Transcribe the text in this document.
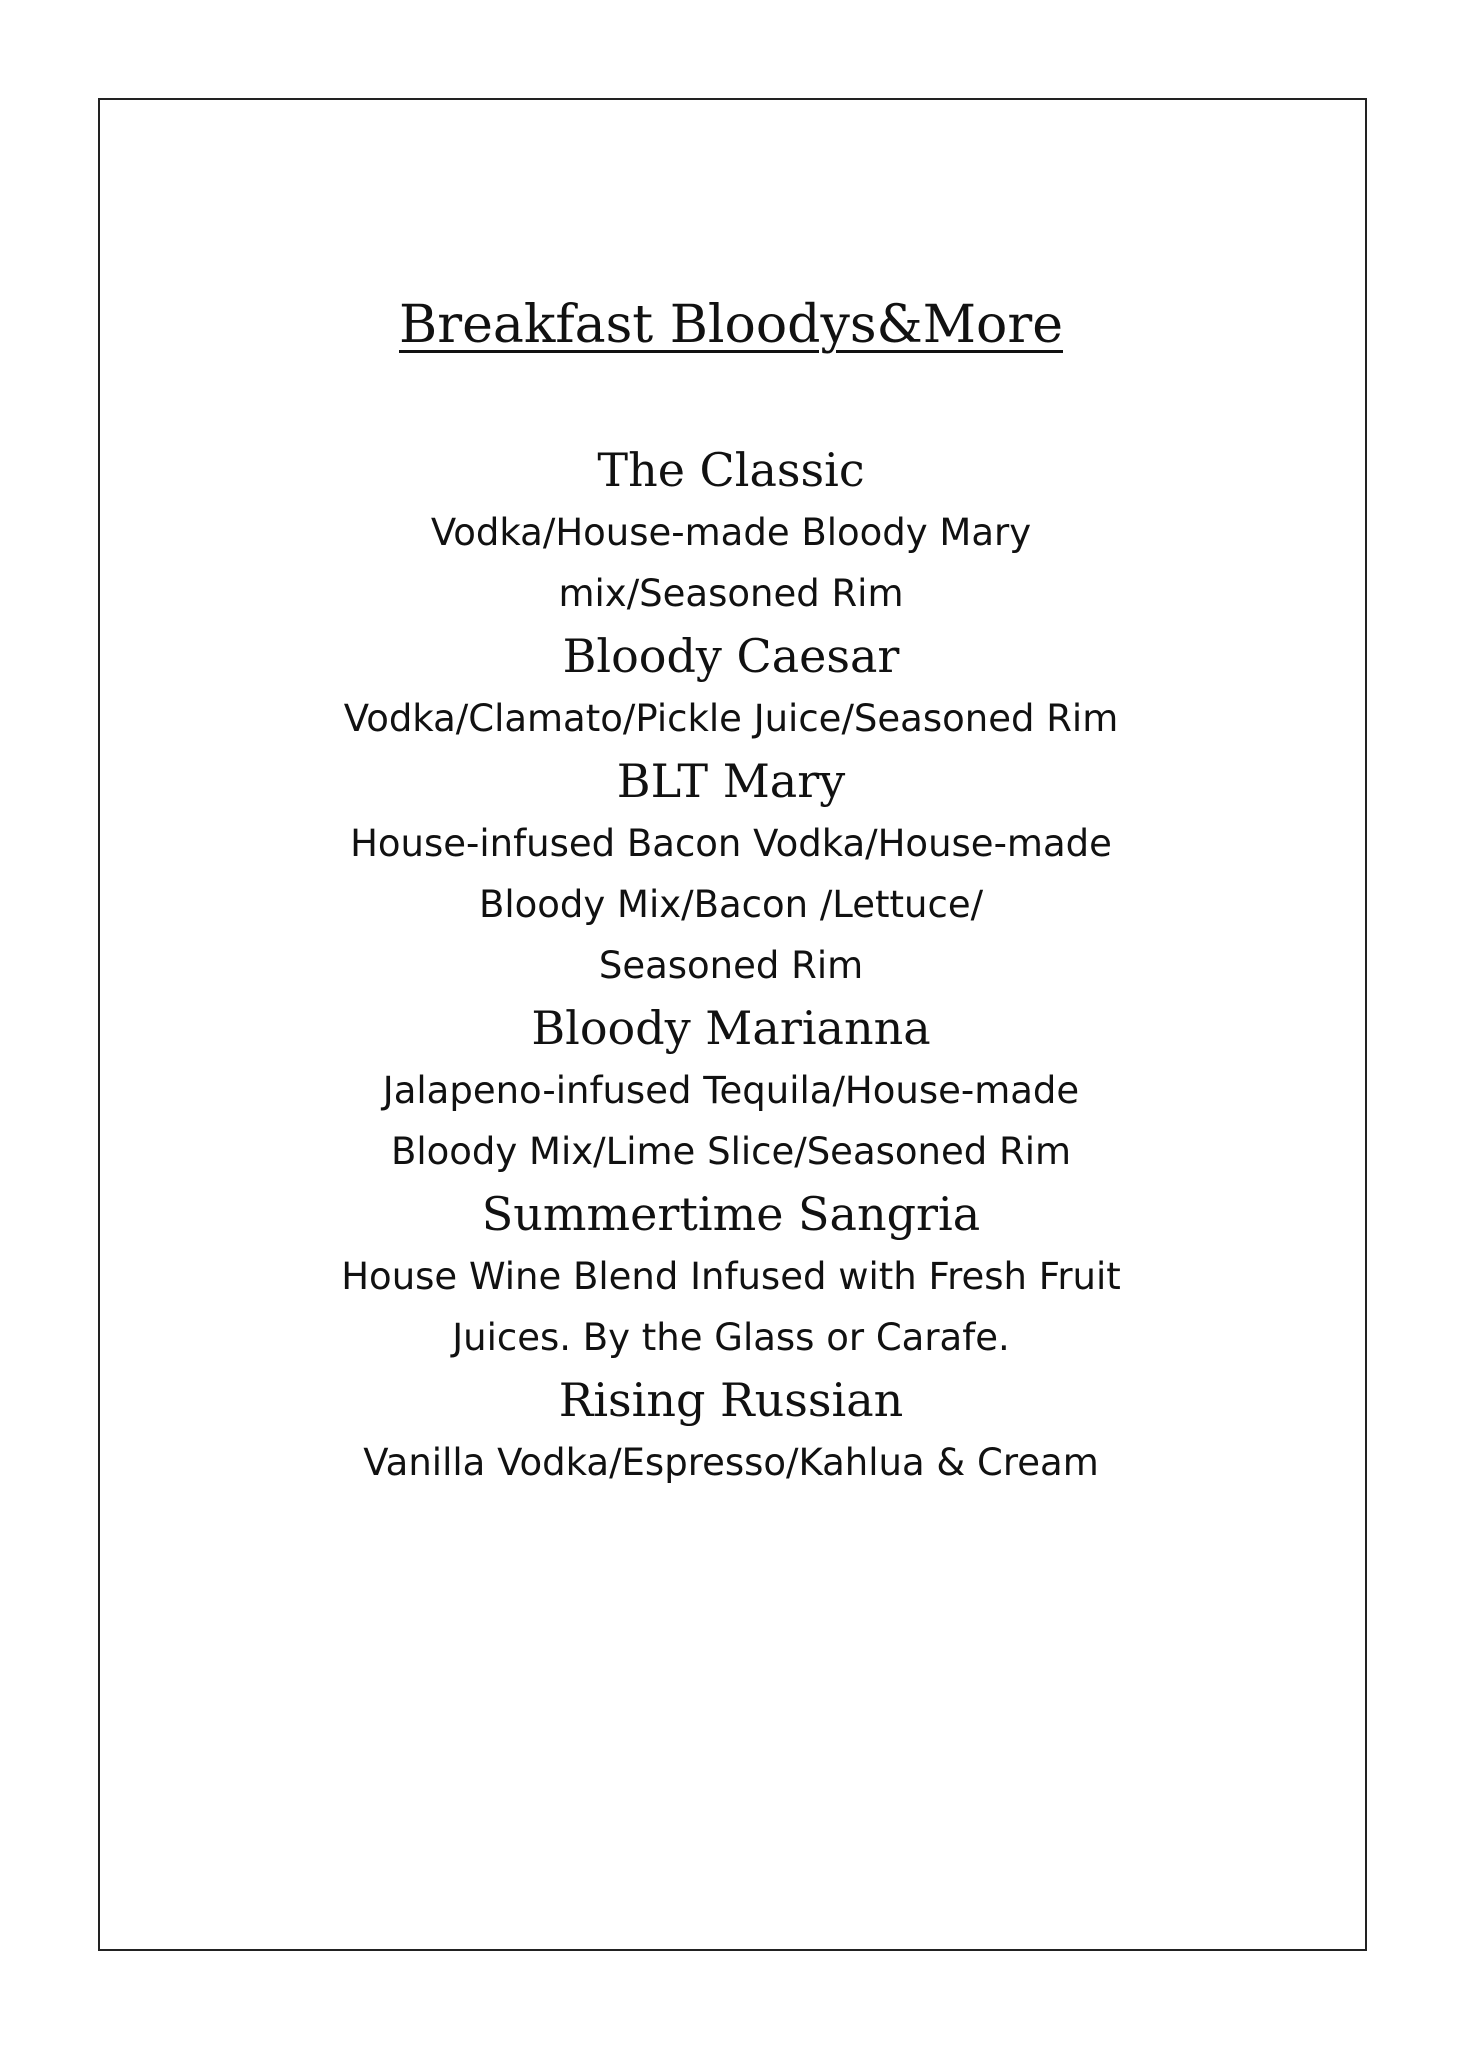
Breakfast Bloodys&More
The Classic

Vodka/House-made Bloody Mary
mix/Seasoned Rim

Bloody Caesar

Vodka/Clamato/Pickle Juice/Seasoned Rim

BLT Mary

House-infused Bacon Vodka/House-made
Bloody Mix/Bacon /Lettuce/
Seasoned Rim

Bloody Marianna

Jalapeno-infused Tequila/House-made
Bloody Mix/Lime Slice/Seasoned Rim

Summertime Sangria

House Wine Blend Infused with Fresh Fruit
Juices. By the Glass or Carafe.

Rising Russian

Vanilla Vodka/Espresso/Kahlua & Cream
